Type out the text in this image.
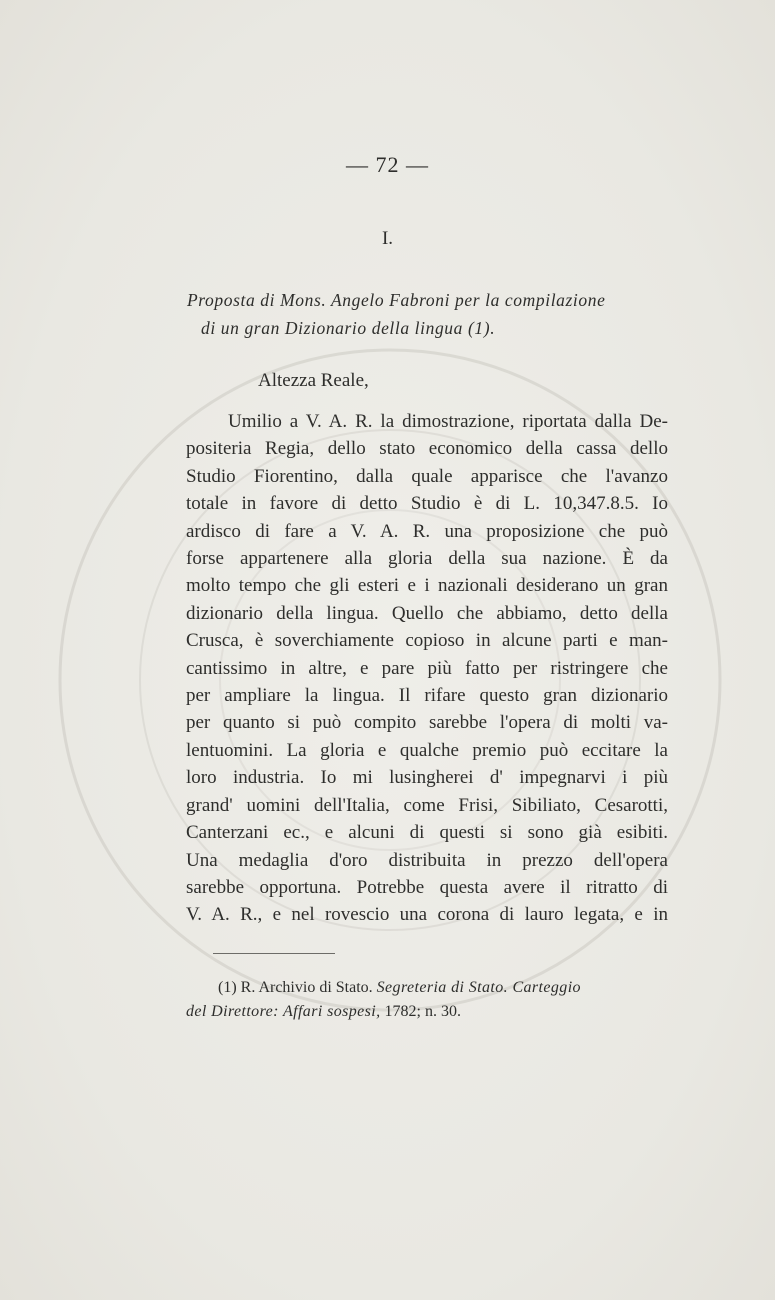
— 72 —
I.
Proposta di Mons. Angelo Fabroni per la compilazione
di un gran Dizionario della lingua (1).
Altezza Reale,
Umilio a V. A. R. la dimostrazione, riportata dalla De-
positeria Regia, dello stato economico della cassa dello
Studio Fiorentino, dalla quale apparisce che l'avanzo
totale in favore di detto Studio è di L. 10,347.8.5. Io
ardisco di fare a V. A. R. una proposizione che può
forse appartenere alla gloria della sua nazione. È da
molto tempo che gli esteri e i nazionali desiderano un gran
dizionario della lingua. Quello che abbiamo, detto della
Crusca, è soverchiamente copioso in alcune parti e man-
cantissimo in altre, e pare più fatto per ristringere che
per ampliare la lingua. Il rifare questo gran dizionario
per quanto si può compito sarebbe l'opera di molti va-
lentuomini. La gloria e qualche premio può eccitare la
loro industria. Io mi lusingherei d' impegnarvi i più
grand' uomini dell'Italia, come Frisi, Sibiliato, Cesarotti,
Canterzani ec., e alcuni di questi si sono già esibiti.
Una medaglia d'oro distribuita in prezzo dell'opera
sarebbe opportuna. Potrebbe questa avere il ritratto di
V. A. R., e nel rovescio una corona di lauro legata, e in
(1) R. Archivio di Stato. Segreteria di Stato. Carteggio
del Direttore: Affari sospesi, 1782; n. 30.
